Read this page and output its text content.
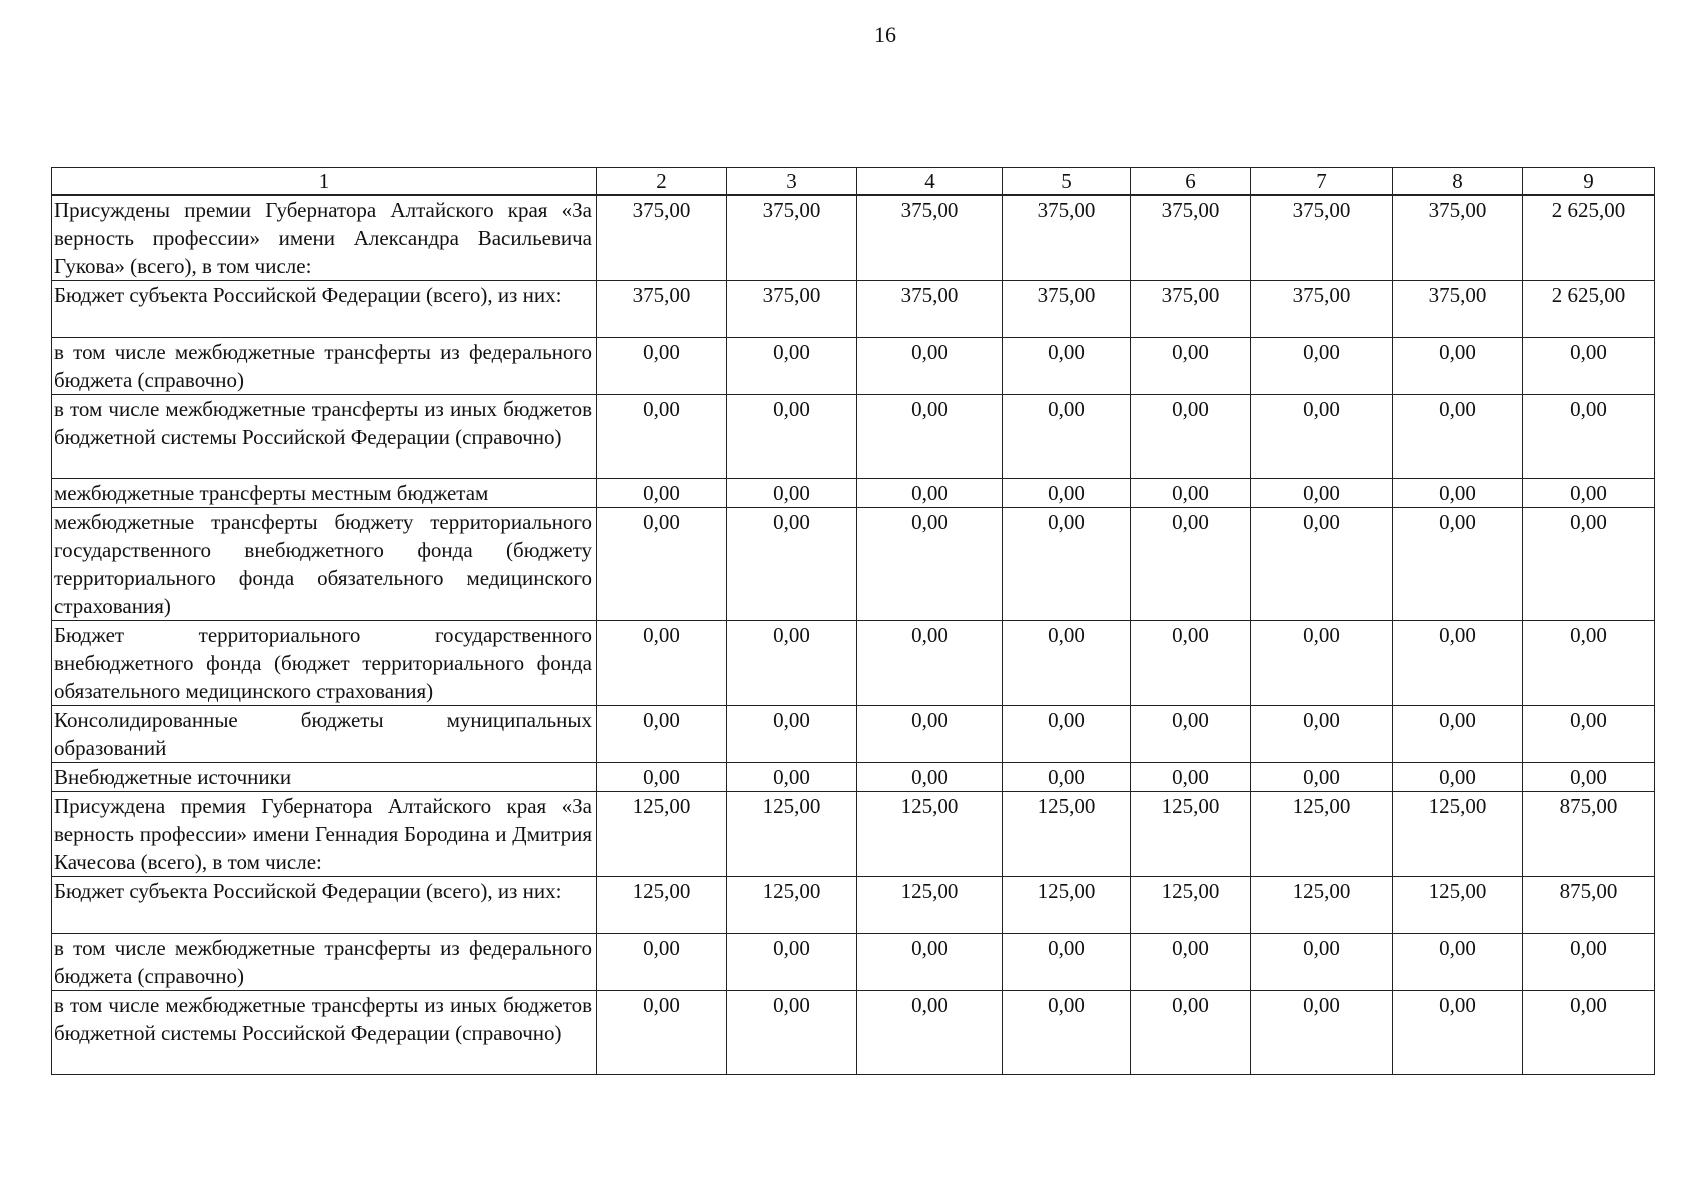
16
1	2	3	4	5	6	7	8	9
Присуждены премии Губернатора Алтайского края «За верность профессии» имени Александра Васильевича Гукова» (всего), в том числе:	375,00	375,00	375,00	375,00	375,00	375,00	375,00	2 625,00
Бюджет субъекта Российской Федерации (всего), из них:	375,00	375,00	375,00	375,00	375,00	375,00	375,00	2 625,00
в том числе межбюджетные трансферты из федерального бюджета (справочно)	0,00	0,00	0,00	0,00	0,00	0,00	0,00	0,00
в том числе межбюджетные трансферты из иных бюджетов бюджетной системы Российской Федерации (справочно)	0,00	0,00	0,00	0,00	0,00	0,00	0,00	0,00
межбюджетные трансферты местным бюджетам	0,00	0,00	0,00	0,00	0,00	0,00	0,00	0,00
межбюджетные трансферты бюджету территориального государственного внебюджетного фонда (бюджету территориального фонда обязательного медицинского страхования)	0,00	0,00	0,00	0,00	0,00	0,00	0,00	0,00
Бюджет территориального государственного внебюджетного фонда (бюджет территориального фонда обязательного медицинского страхования)	0,00	0,00	0,00	0,00	0,00	0,00	0,00	0,00
Консолидированные бюджеты муниципальных образований	0,00	0,00	0,00	0,00	0,00	0,00	0,00	0,00
Внебюджетные источники	0,00	0,00	0,00	0,00	0,00	0,00	0,00	0,00
Присуждена премия Губернатора Алтайского края «За верность профессии» имени Геннадия Бородина и Дмитрия Качесова (всего), в том числе:	125,00	125,00	125,00	125,00	125,00	125,00	125,00	875,00
Бюджет субъекта Российской Федерации (всего), из них:	125,00	125,00	125,00	125,00	125,00	125,00	125,00	875,00
в том числе межбюджетные трансферты из федерального бюджета (справочно)	0,00	0,00	0,00	0,00	0,00	0,00	0,00	0,00
в том числе межбюджетные трансферты из иных бюджетов бюджетной системы Российской Федерации (справочно)	0,00	0,00	0,00	0,00	0,00	0,00	0,00	0,00
